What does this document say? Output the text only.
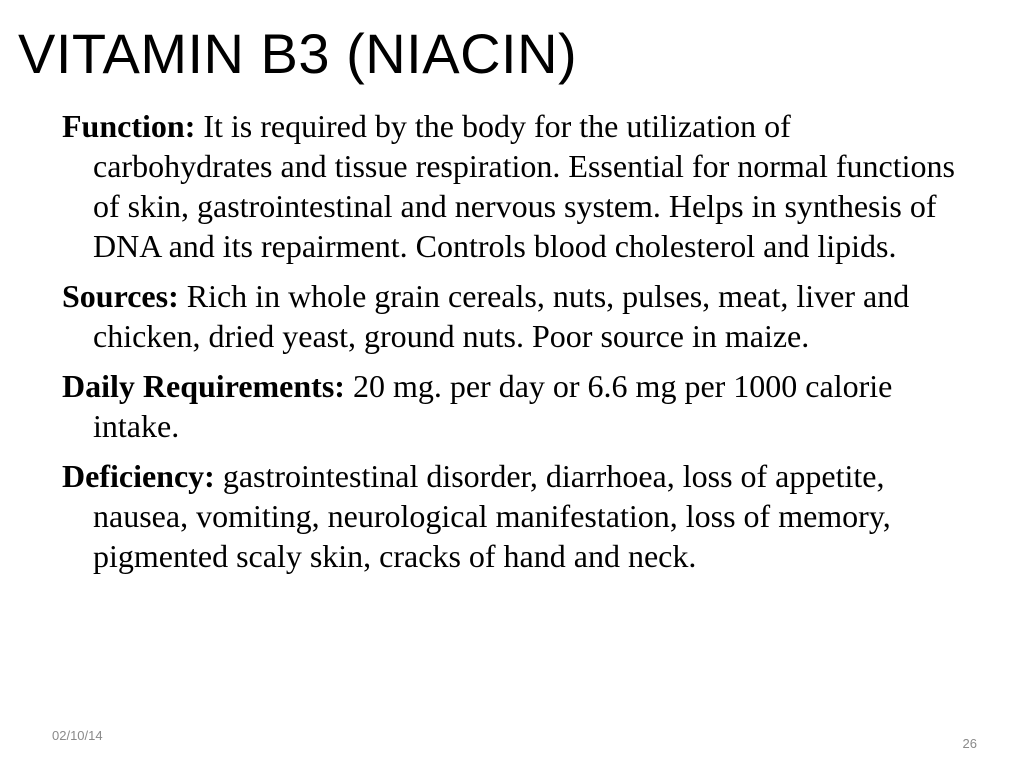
VITAMIN B3 (NIACIN)

Function: It is required by the body for the utilization of carbohydrates and tissue respiration. Essential for normal functions of skin, gastrointestinal and nervous system. Helps in synthesis of DNA and its repairment. Controls blood cholesterol and lipids.

Sources: Rich in whole grain cereals, nuts, pulses, meat, liver and chicken, dried yeast, ground nuts. Poor source in maize.

Daily Requirements: 20 mg. per day or 6.6 mg per 1000 calorie intake.

Deficiency: gastrointestinal disorder, diarrhoea, loss of appetite, nausea, vomiting, neurological manifestation, loss of memory, pigmented scaly skin, cracks of hand and neck.

02/10/14
26
